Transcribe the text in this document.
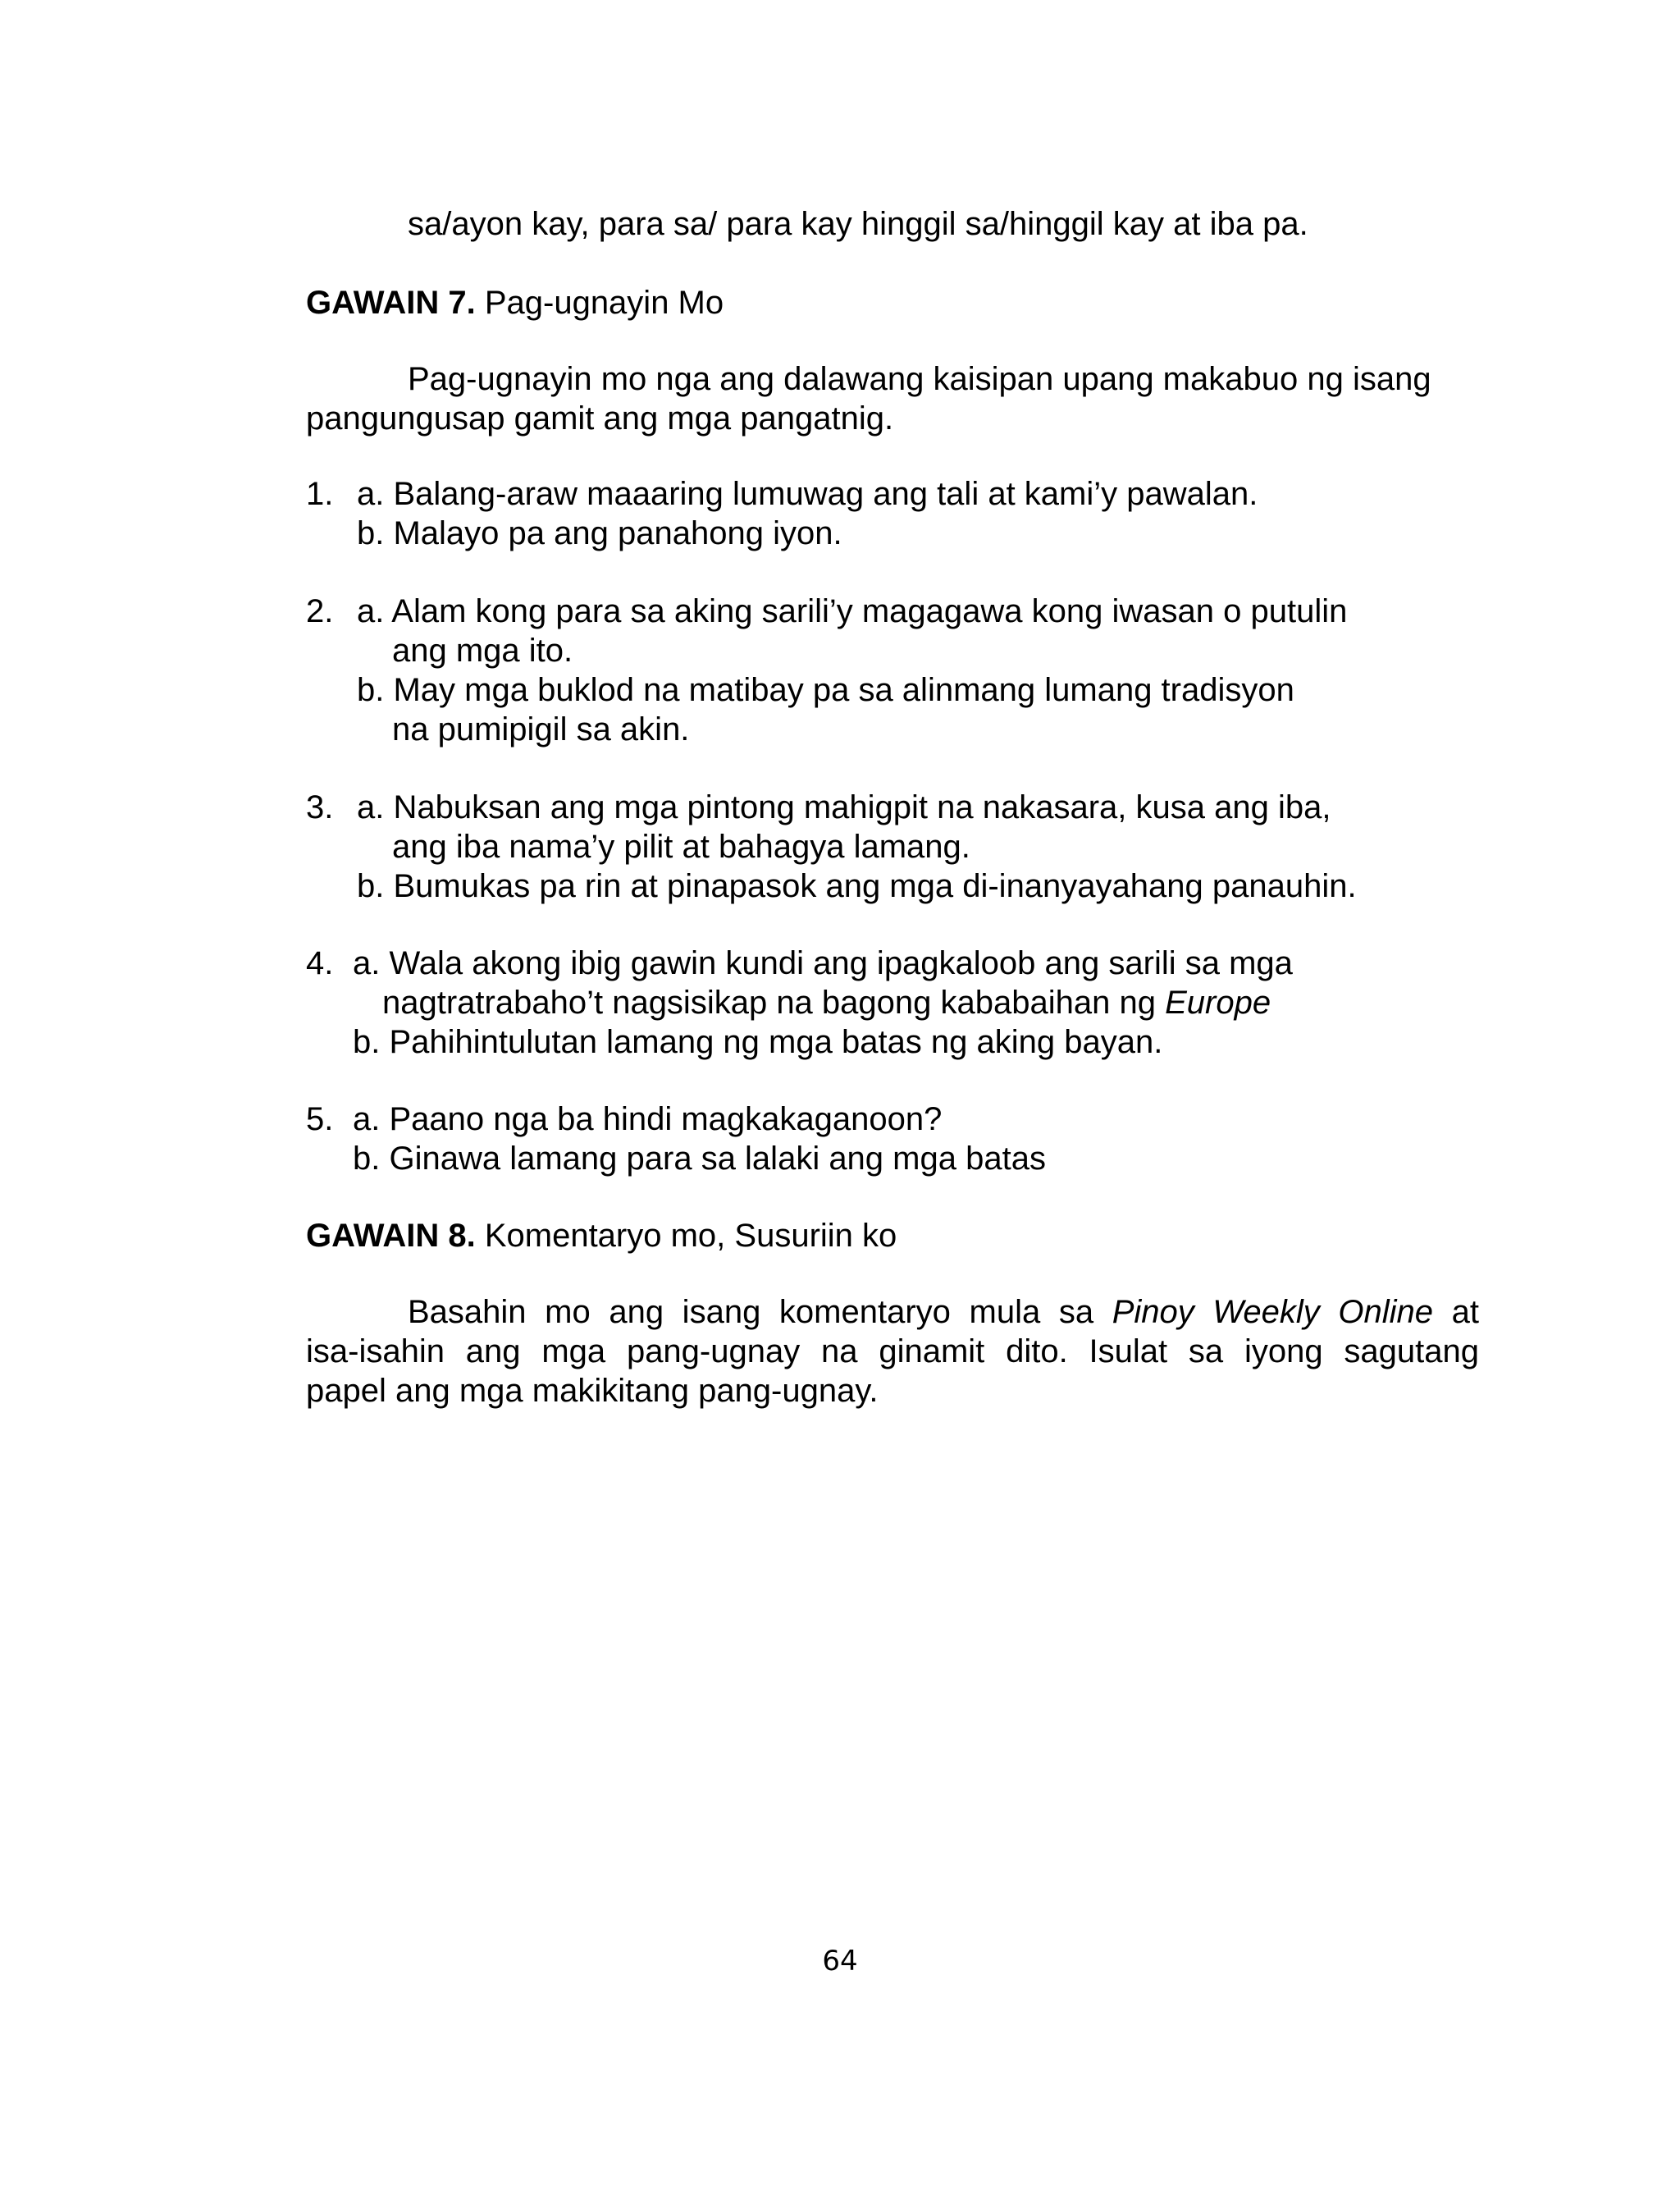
sa/ayon kay, para sa/ para kay hinggil sa/hinggil kay at iba pa.
GAWAIN 7. Pag-ugnayin Mo
Pag-ugnayin mo nga ang dalawang kaisipan upang makabuo ng isang
pangungusap gamit ang mga pangatnig.
1. a. Balang-araw maaaring lumuwag ang tali at kami’y pawalan.
b. Malayo pa ang panahong iyon.
2. a. Alam kong para sa aking sarili’y magagawa kong iwasan o putulin
ang mga ito.
b. May mga buklod na matibay pa sa alinmang lumang tradisyon
na pumipigil sa akin.
3. a. Nabuksan ang mga pintong mahigpit na nakasara, kusa ang iba,
ang iba nama’y pilit at bahagya lamang.
b. Bumukas pa rin at pinapasok ang mga di-inanyayahang panauhin.
4. a. Wala akong ibig gawin kundi ang ipagkaloob ang sarili sa mga
nagtratrabaho’t nagsisikap na bagong kababaihan ng Europe
b. Pahihintulutan lamang ng mga batas ng aking bayan.
5. a. Paano nga ba hindi magkakaganoon?
b. Ginawa lamang para sa lalaki ang mga batas
GAWAIN 8. Komentaryo mo, Susuriin ko
Basahin mo ang isang komentaryo mula sa Pinoy Weekly Online at
isa-isahin ang mga pang-ugnay na ginamit dito. Isulat sa iyong sagutang
papel ang mga makikitang pang-ugnay.
64
